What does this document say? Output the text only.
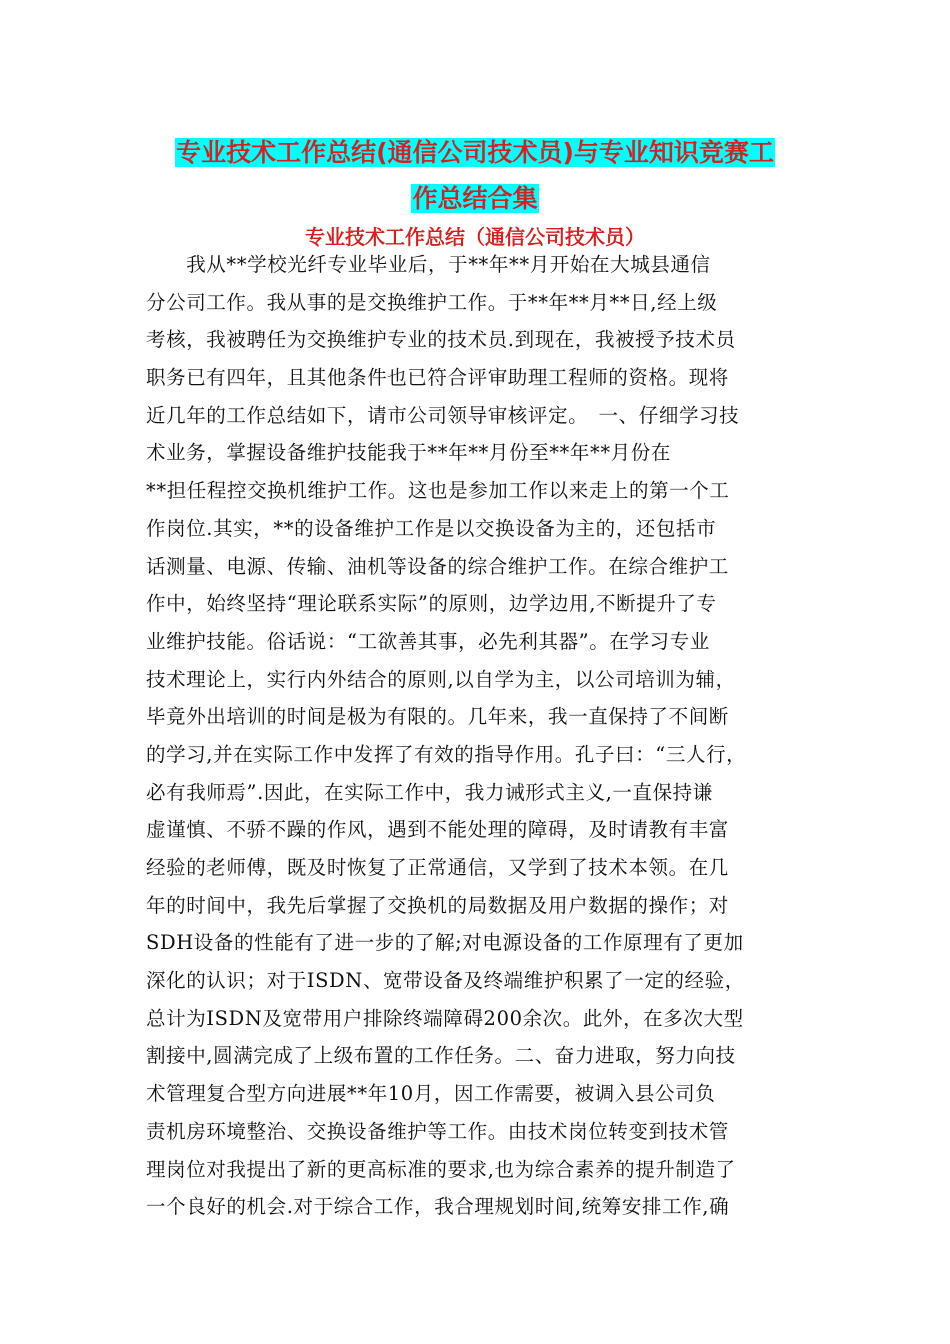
专业技术工作总结(通信公司技术员)与专业知识竞赛工
作总结合集
专业技术工作总结（通信公司技术员）
　　我从**学校光纤专业毕业后，于**年**月开始在大城县通信
分公司工作。我从事的是交换维护工作。于**年**月**日,经上级
考核，我被聘任为交换维护专业的技术员.到现在，我被授予技术员
职务已有四年，且其他条件也已符合评审助理工程师的资格。现将
近几年的工作总结如下，请市公司领导审核评定。　一、仔细学习技
术业务，掌握设备维护技能我于**年**月份至**年**月份在
**担任程控交换机维护工作。这也是参加工作以来走上的第一个工
作岗位.其实，**的设备维护工作是以交换设备为主的，还包括市
话测量、电源、传输、油机等设备的综合维护工作。在综合维护工
作中，始终坚持“理论联系实际”的原则，边学边用,不断提升了专
业维护技能。俗话说：“工欲善其事，必先利其器”。在学习专业
技术理论上，实行内外结合的原则,以自学为主，以公司培训为辅，
毕竟外出培训的时间是极为有限的。几年来，我一直保持了不间断
的学习,并在实际工作中发挥了有效的指导作用。孔子曰：“三人行，
必有我师焉”.因此，在实际工作中，我力诫形式主义,一直保持谦
虚谨慎、不骄不躁的作风，遇到不能处理的障碍，及时请教有丰富
经验的老师傅，既及时恢复了正常通信，又学到了技术本领。在几
年的时间中，我先后掌握了交换机的局数据及用户数据的操作；对
SDH设备的性能有了进一步的了解;对电源设备的工作原理有了更加
深化的认识；对于ISDN、宽带设备及终端维护积累了一定的经验，
总计为ISDN及宽带用户排除终端障碍200余次。此外，在多次大型
割接中,圆满完成了上级布置的工作任务。二、奋力进取，努力向技
术管理复合型方向进展**年10月，因工作需要，被调入县公司负
责机房环境整治、交换设备维护等工作。由技术岗位转变到技术管
理岗位对我提出了新的更高标准的要求,也为综合素养的提升制造了
一个良好的机会.对于综合工作，我合理规划时间,统筹安排工作,确
